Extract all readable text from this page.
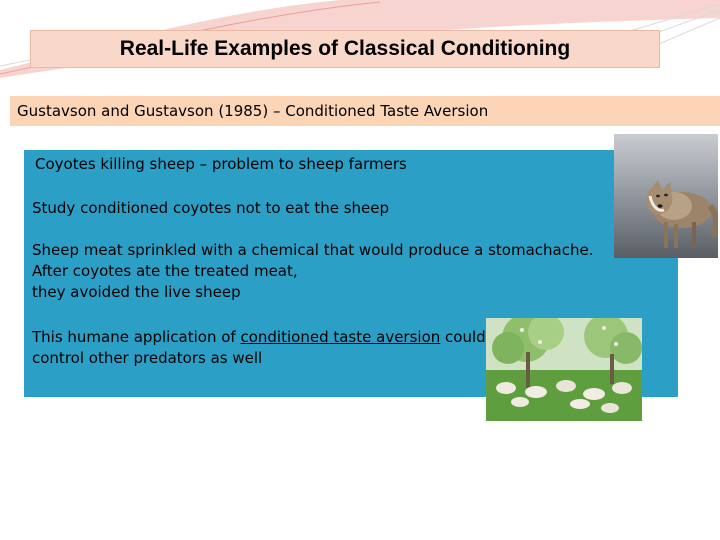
Real-Life Examples of Classical Conditioning
Gustavson and Gustavson (1985) – Conditioned Taste Aversion
Coyotes killing sheep – problem to sheep farmers
Study conditioned coyotes not to eat the sheep
Sheep meat sprinkled with a chemical that would produce a stomachache.
After coyotes ate the treated meat,
they avoided the live sheep
This humane application of conditioned taste aversion could
control other predators as well
